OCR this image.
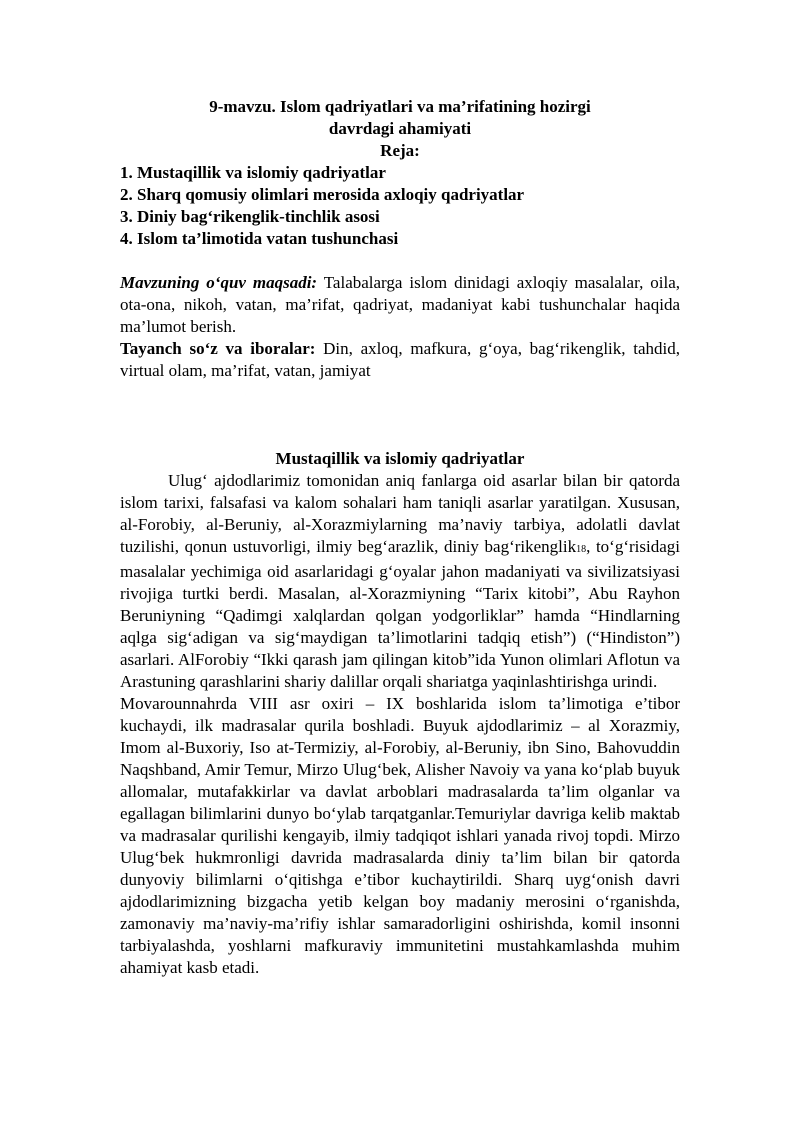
9-mavzu. Islom qadriyatlari va ma’rifatining hozirgi

davrdagi ahamiyati

Reja:

1. Mustaqillik va islomiy qadriyatlar

2. Sharq qomusiy olimlari merosida axloqiy qadriyatlar

3. Diniy bag‘rikenglik-tinchlik asosi

4. Islom ta’limotida vatan tushunchasi

Mavzuning o‘quv maqsadi: Talabalarga islom dinidagi axloqiy masalalar, oila, ota-ona, nikoh, vatan, ma’rifat, qadriyat, madaniyat kabi tushunchalar haqida ma’lumot berish.

Tayanch so‘z va iboralar: Din, axloq, mafkura, g‘oya, bag‘rikenglik, tahdid, virtual olam, ma’rifat, vatan, jamiyat

Mustaqillik va islomiy qadriyatlar

Ulug‘ ajdodlarimiz tomonidan aniq fanlarga oid asarlar bilan bir qatorda islom tarixi, falsafasi va kalom sohalari ham taniqli asarlar yaratilgan. Xususan, al-Forobiy, al-Beruniy, al-Xorazmiylarning ma’naviy tarbiya, adolatli davlat tuzilishi, qonun ustuvorligi, ilmiy beg‘arazlik, diniy bag‘rikenglik18, to‘g‘risidagi masalalar yechimiga oid asarlaridagi g‘oyalar jahon madaniyati va sivilizatsiyasi rivojiga turtki berdi. Masalan, al-Xorazmiyning “Tarix kitobi”, Abu Rayhon Beruniyning “Qadimgi xalqlardan qolgan yodgorliklar” hamda “Hindlarning aqlga sig‘adigan va sig‘maydigan ta’limotlarini tadqiq etish”) (“Hindiston”) asarlari. AlForobiy “Ikki qarash jam qilingan kitob”ida Yunon olimlari Aflotun va Arastuning qarashlarini shariy dalillar orqali shariatga yaqinlashtirishga urindi.

Movarounnahrda VIII asr oxiri – IX boshlarida islom ta’limotiga e’tibor kuchaydi, ilk madrasalar qurila boshladi. Buyuk ajdodlarimiz – al Xorazmiy, Imom al-Buxoriy, Iso at-Termiziy, al-Forobiy, al-Beruniy, ibn Sino, Bahovuddin Naqshband, Amir Temur, Mirzo Ulug‘bek, Alisher Navoiy va yana ko‘plab buyuk allomalar, mutafakkirlar va davlat arboblari madrasalarda ta’lim olganlar va egallagan bilimlarini dunyo bo‘ylab tarqatganlar.Temuriylar davriga kelib maktab va madrasalar qurilishi kengayib, ilmiy tadqiqot ishlari yanada rivoj topdi. Mirzo Ulug‘bek hukmronligi davrida madrasalarda diniy ta’lim bilan bir qatorda dunyoviy bilimlarni o‘qitishga e’tibor kuchaytirildi. Sharq uyg‘onish davri ajdodlarimizning bizgacha yetib kelgan boy madaniy merosini o‘rganishda, zamonaviy ma’naviy-ma’rifiy ishlar samaradorligini oshirishda, komil insonni tarbiyalashda, yoshlarni mafkuraviy immunitetini mustahkamlashda muhim ahamiyat kasb etadi.
